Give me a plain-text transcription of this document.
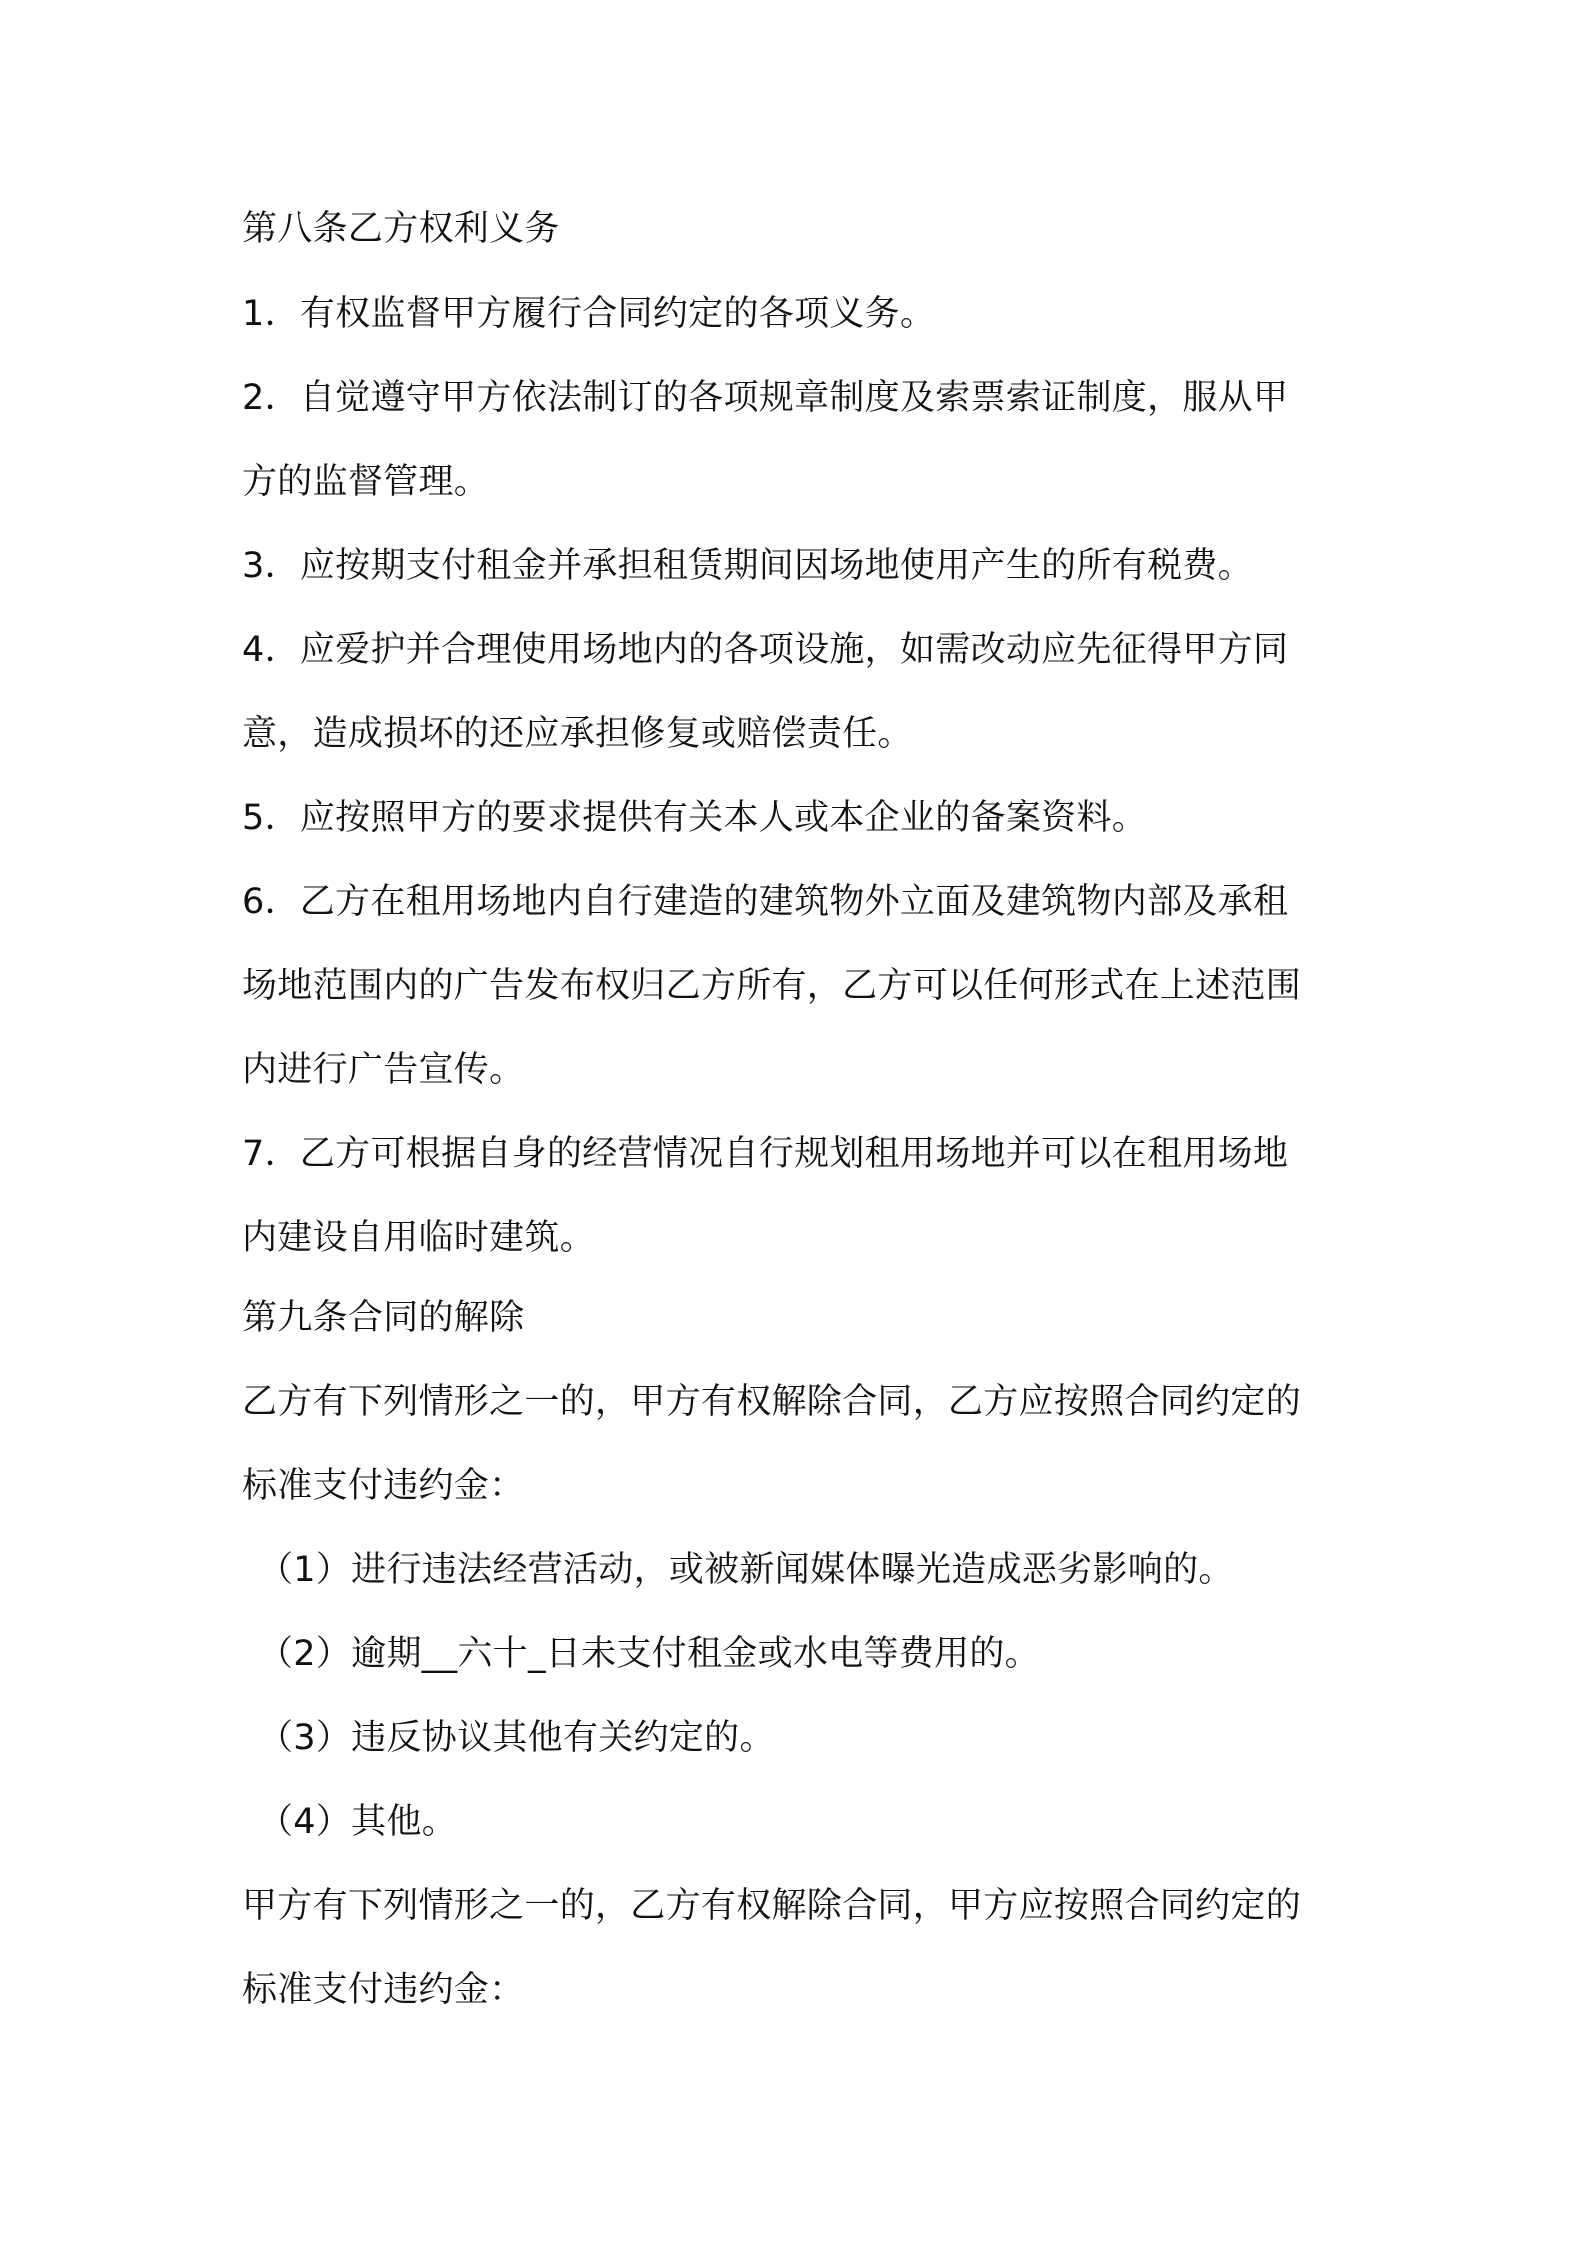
第八条乙方权利义务
1．有权监督甲方履行合同约定的各项义务。
2．自觉遵守甲方依法制订的各项规章制度及索票索证制度，服从甲
方的监督管理。
3．应按期支付租金并承担租赁期间因场地使用产生的所有税费。
4．应爱护并合理使用场地内的各项设施，如需改动应先征得甲方同
意，造成损坏的还应承担修复或赔偿责任。
5．应按照甲方的要求提供有关本人或本企业的备案资料。
6．乙方在租用场地内自行建造的建筑物外立面及建筑物内部及承租
场地范围内的广告发布权归乙方所有，乙方可以任何形式在上述范围
内进行广告宣传。
7．乙方可根据自身的经营情况自行规划租用场地并可以在租用场地
内建设自用临时建筑。
第九条合同的解除
乙方有下列情形之一的，甲方有权解除合同，乙方应按照合同约定的
标准支付违约金：
（1）进行违法经营活动，或被新闻媒体曝光造成恶劣影响的。
（2）逾期__六十_日未支付租金或水电等费用的。
（3）违反协议其他有关约定的。
（4）其他。
甲方有下列情形之一的，乙方有权解除合同，甲方应按照合同约定的
标准支付违约金：
